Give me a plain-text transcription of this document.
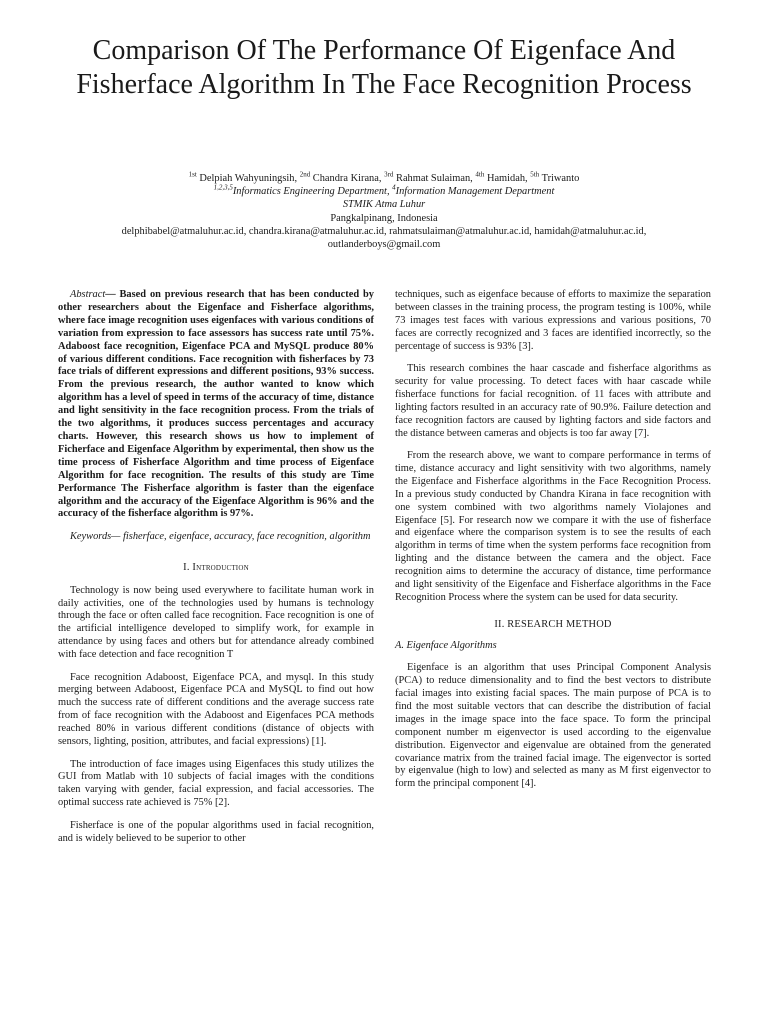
Comparison Of The Performance Of Eigenface And Fisherface Algorithm In The Face Recognition Process
$^{1st}$ Delpiah Wahyuningsih, $^{2nd}$ Chandra Kirana, $^{3rd}$ Rahmat Sulaiman, $^{4th}$ Hamidah, $^{5th}$ Triwanto
$^{1,2,3,5}$Informatics Engineering Department, $^4$Information Management Department
STMIK Atma Luhur
Pangkalpinang, Indonesia
delphibabel@atmaluhur.ac.id, chandra.kirana@atmaluhur.ac.id, rahmatsulaiman@atmaluhur.ac.id, hamidah@atmaluhur.ac.id,
outlanderboys@gmail.com

Abstract— Based on previous research that has been conducted by other researchers about the Eigenface and Fisherface algorithms, where face image recognition uses eigenfaces with various conditions of variation from expression to face assessors has success rate until 75%. Adaboost face recognition, Eigenface PCA and MySQL produce 80% of various different conditions. Face recognition with fisherfaces by 73 face trials of different expressions and different positions, 93% success. From the previous research, the author wanted to know which algorithm has a level of speed in terms of the accuracy of time, distance and light sensitivity in the face recognition process. From the trials of the two algorithms, it produces success percentages and accuracy charts. However, this research shows us how to implement of Ficherface and Eigenface Algorithm by experimental, then show us the time process of Fisherface Algorithm and time process of Eigenface Algorithm for face recognition. The results of this study are Time Performance The Fisherface algorithm is faster than the eigenface algorithm and the accuracy of the Eigenface Algorithm is 96% and the accuracy of the fisherface algorithm is 97%.

Keywords— fisherface, eigenface, accuracy, face recognition, algorithm

I. Introduction

Technology is now being used everywhere to facilitate human work in daily activities, one of the technologies used by humans is technology through the face or often called face recognition. Face recognition is one of the artificial intelligence developed to simplify work, for example in attendance by using faces and others but for attendance already combined with face detection and face recognition T

Face recognition Adaboost, Eigenface PCA, and mysql. In this study merging between Adaboost, Eigenface PCA and MySQL to find out how much the success rate of different conditions and the average success rate from of face recognition with the Adaboost and Eigenfaces PCA methods reached 80% in various different conditions (distance of objects with sensors, lighting, position, attributes, and facial expressions) [1].

The introduction of face images using Eigenfaces this study utilizes the GUI from Matlab with 10 subjects of facial images with the conditions taken varying with gender, facial expression, and facial accessories. The optimal success rate achieved is 75% [2].

Fisherface is one of the popular algorithms used in facial recognition, and is widely believed to be superior to other

techniques, such as eigenface because of efforts to maximize the separation between classes in the training process, the program testing is 100%, while 73 images test faces with various expressions and various positions, 70 faces are correctly recognized and 3 faces are identified incorrectly, so the percentage of success is 93% [3].

This research combines the haar cascade and fisherface algorithms as security for value processing. To detect faces with haar cascade while fisherface functions for facial recognition. of 11 faces with attribute and lighting factors resulted in an accuracy rate of 90.9%. Failure detection and face recognition factors are caused by lighting factors and side factors and the distance between cameras and objects is too far away [7].

From the research above, we want to compare performance in terms of time, distance accuracy and light sensitivity with two algorithms, namely the Eigenface and Fisherface algorithms in the Face Recognition Process. In a previous study conducted by Chandra Kirana in face recognition with one system combined with two algorithms namely Violajones and Eigenface [5]. For research now we compare it with the use of fisherface and eigenface where the comparison system is to see the results of each algorithm in terms of time when the system performs face recognition from lighting and the distance between the camera and the object. Face recognition aims to determine the accuracy of distance, time performance and light sensitivity of the Eigenface and Fisherface algorithms in the Face Recognition Process where the system can be used for data security.

II. RESEARCH METHOD

A. Eigenface Algorithms

Eigenface is an algorithm that uses Principal Component Analysis (PCA) to reduce dimensionality and to find the best vectors to distribute facial images into existing facial spaces. The main purpose of PCA is to find the most suitable vectors that can describe the distribution of facial images in the image space into the face space. To form the principal component number m eigenvector is used according to the eigenvalue distribution. Eigenvector and eigenvalue are obtained from the generated covariance matrix from the trained facial image. The eigenvector is sorted by eigenvalue (high to low) and selected as many as M first eigenvector to form the principal component [4].
